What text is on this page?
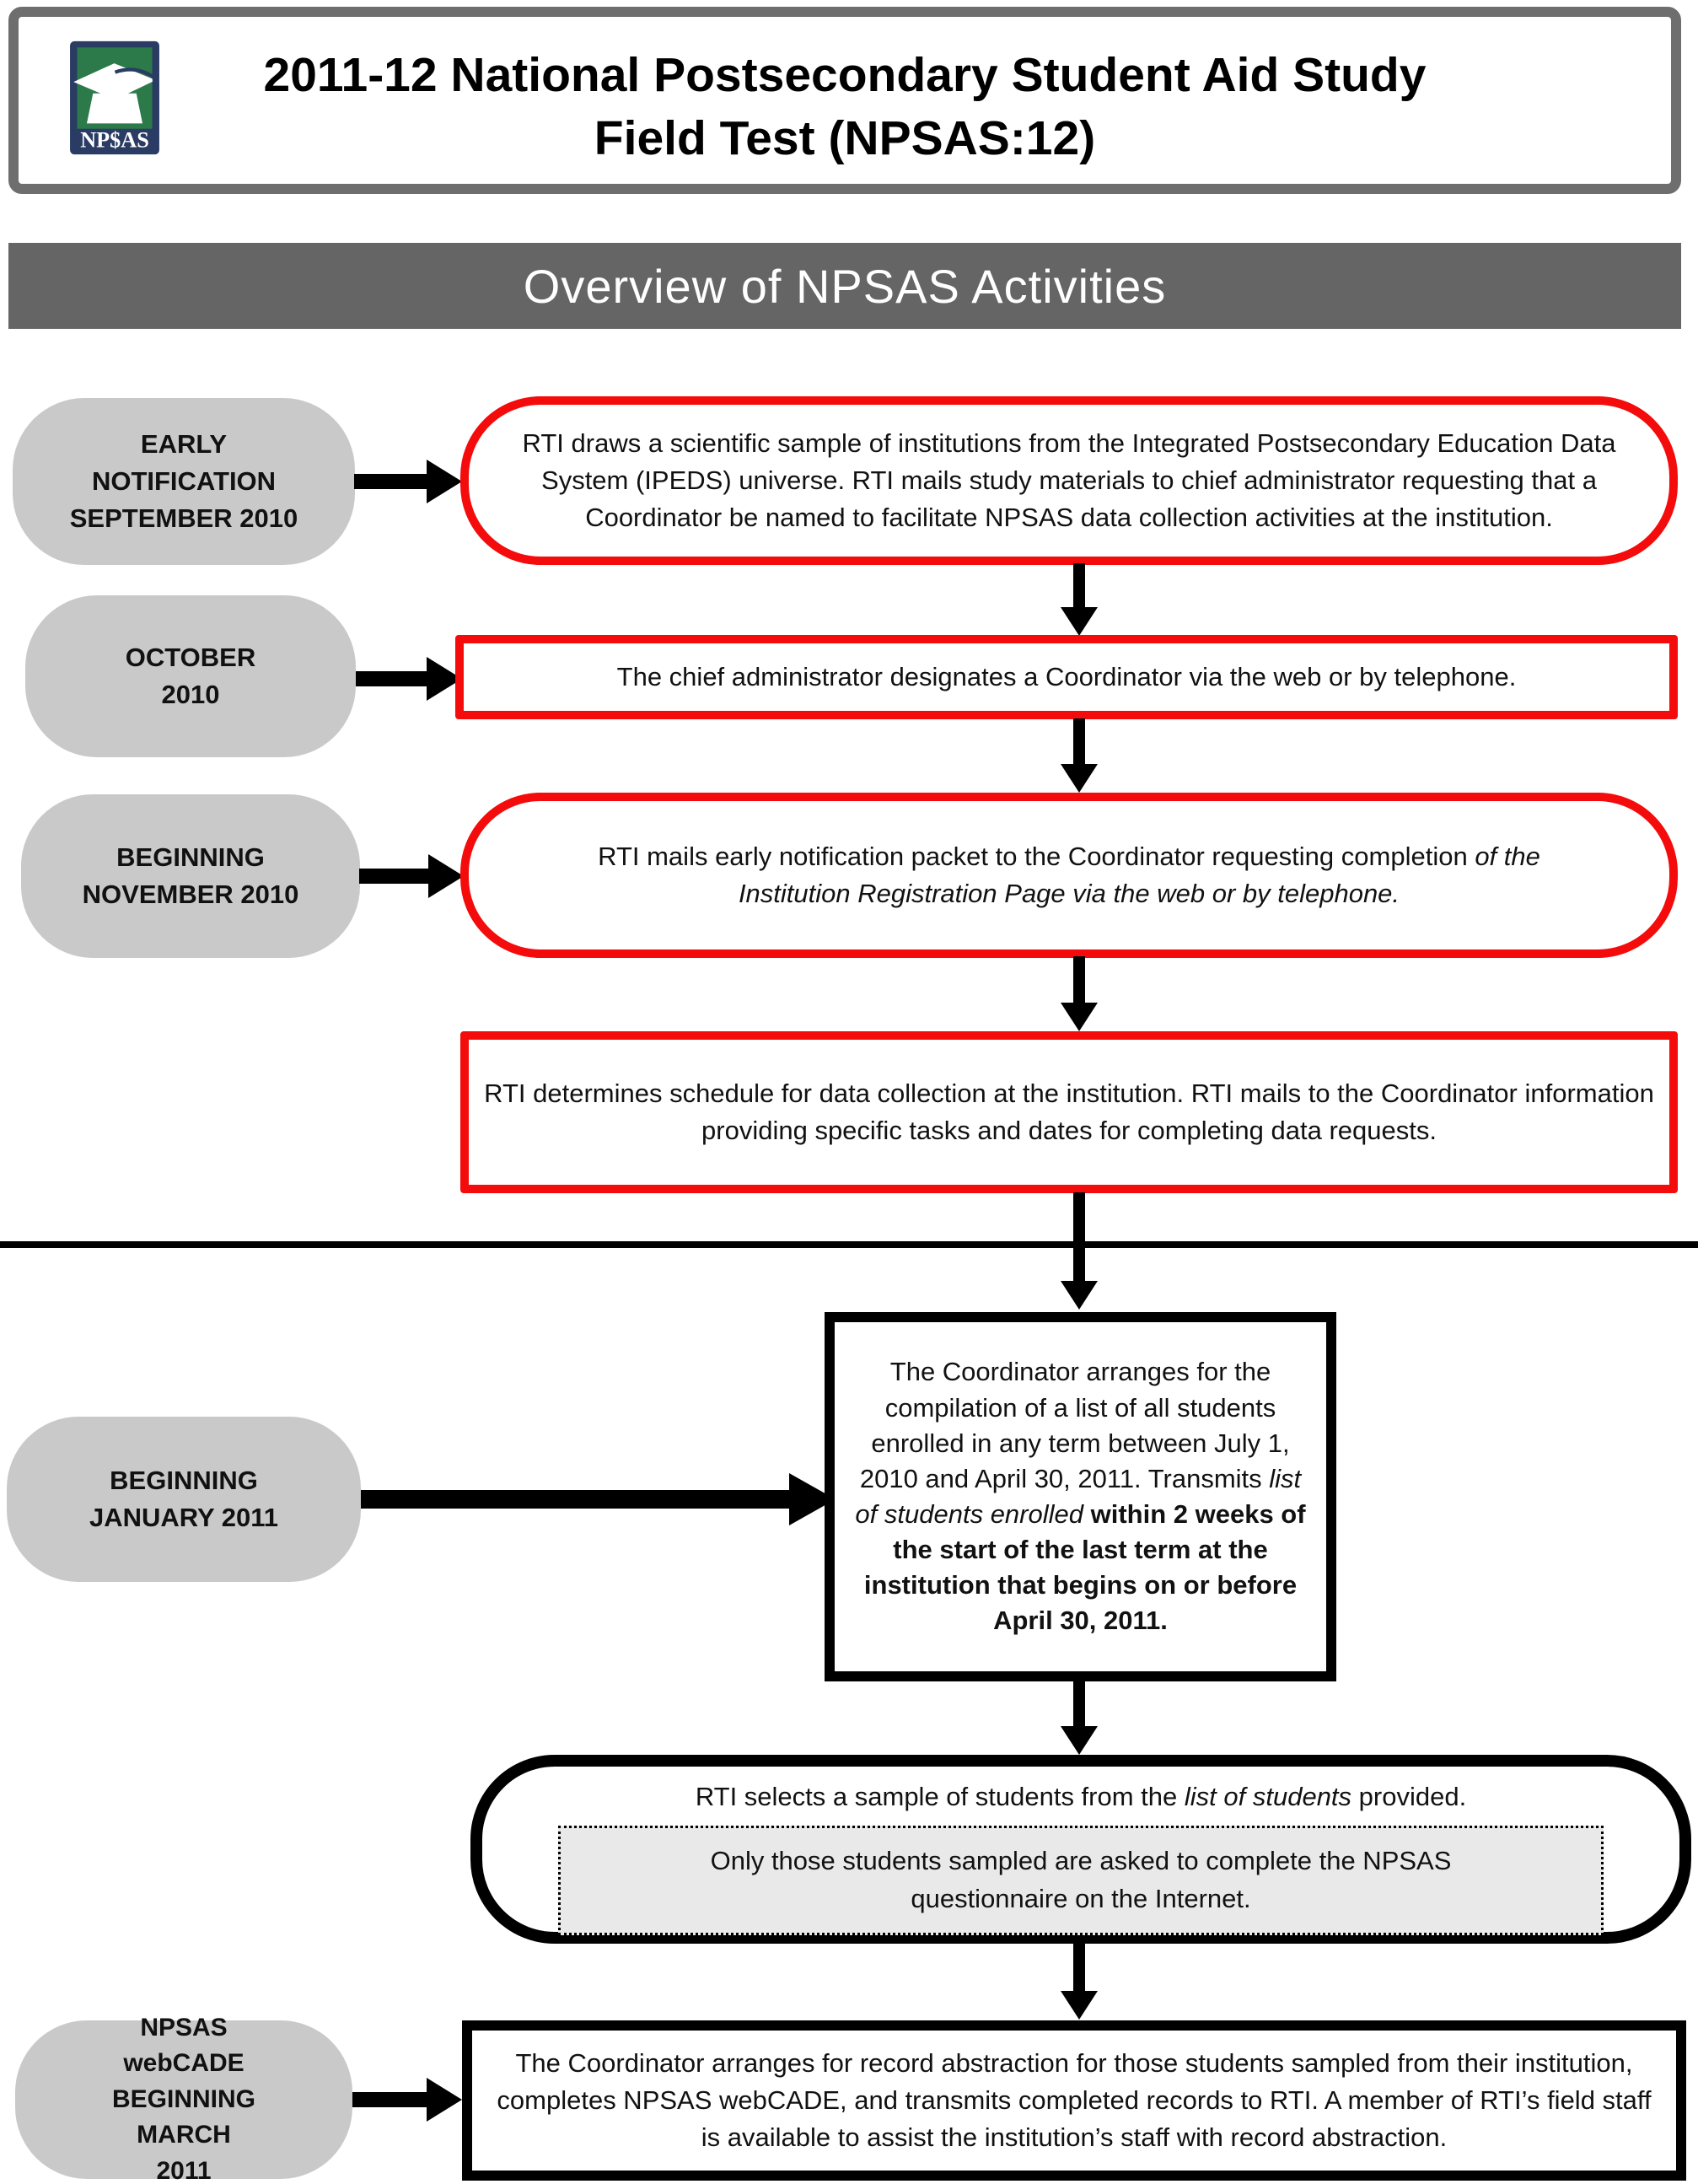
NP$AS
2011-12 National Postsecondary Student Aid Study
Field Test (NPSAS:12)
Overview of NPSAS Activities
EARLY NOTIFICATION SEPTEMBER 2010
RTI draws a scientific sample of institutions from the Integrated Postsecondary Education Data System (IPEDS) universe. RTI mails study materials to chief administrator requesting that a Coordinator be named to facilitate NPSAS data collection activities at the institution.
OCTOBER 2010
The chief administrator designates a Coordinator via the web or by telephone.
BEGINNING NOVEMBER 2010
RTI mails early notification packet to the Coordinator requesting completion of the Institution Registration Page via the web or by telephone.
RTI determines schedule for data collection at the institution. RTI mails to the Coordinator information providing specific tasks and dates for completing data requests.
BEGINNING JANUARY 2011
The Coordinator arranges for the compilation of a list of all students enrolled in any term between July 1, 2010 and April 30, 2011. Transmits list of students enrolled within 2 weeks of the start of the last term at the institution that begins on or before April 30, 2011.
RTI selects a sample of students from the list of students provided.
Only those students sampled are asked to complete the NPSAS questionnaire on the Internet.
NPSAS webCADE BEGINNING MARCH 2011
The Coordinator arranges for record abstraction for those students sampled from their institution, completes NPSAS webCADE, and transmits completed records to RTI. A member of RTI’s field staff is available to assist the institution’s staff with record abstraction.
